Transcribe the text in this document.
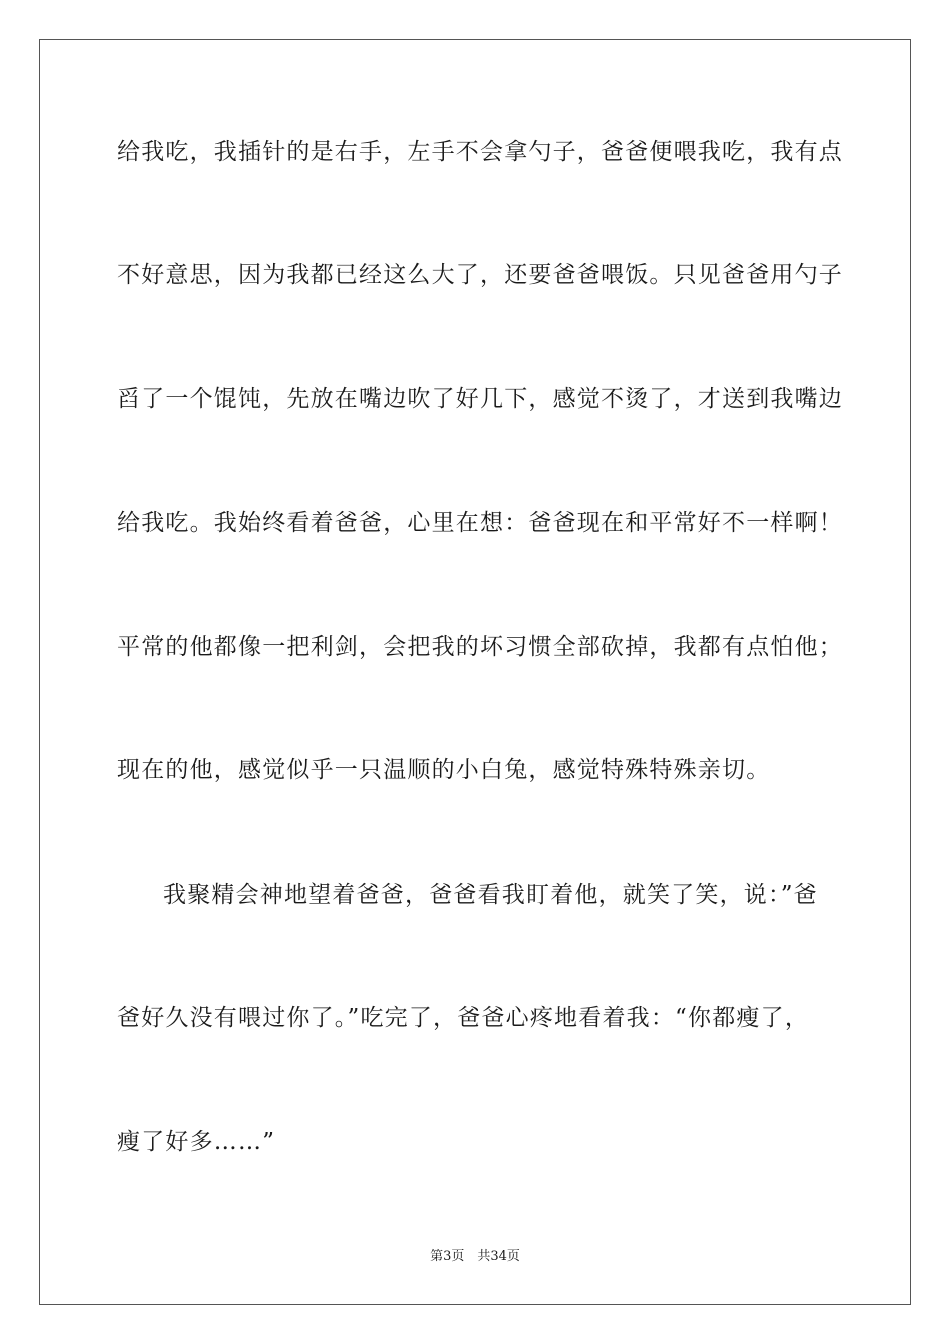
给我吃，我插针的是右手，左手不会拿勺子，爸爸便喂我吃，我有点
不好意思，因为我都已经这么大了，还要爸爸喂饭。只见爸爸用勺子
舀了一个馄饨，先放在嘴边吹了好几下，感觉不烫了，才送到我嘴边
给我吃。我始终看着爸爸，心里在想：爸爸现在和平常好不一样啊！
平常的他都像一把利剑，会把我的坏习惯全部砍掉，我都有点怕他；
现在的他，感觉似乎一只温顺的小白兔，感觉特殊特殊亲切。
我聚精会神地望着爸爸，爸爸看我盯着他，就笑了笑，说：”爸
爸好久没有喂过你了。”吃完了，爸爸心疼地看着我：“你都瘦了，
瘦了好多……”
第3页　共34页
